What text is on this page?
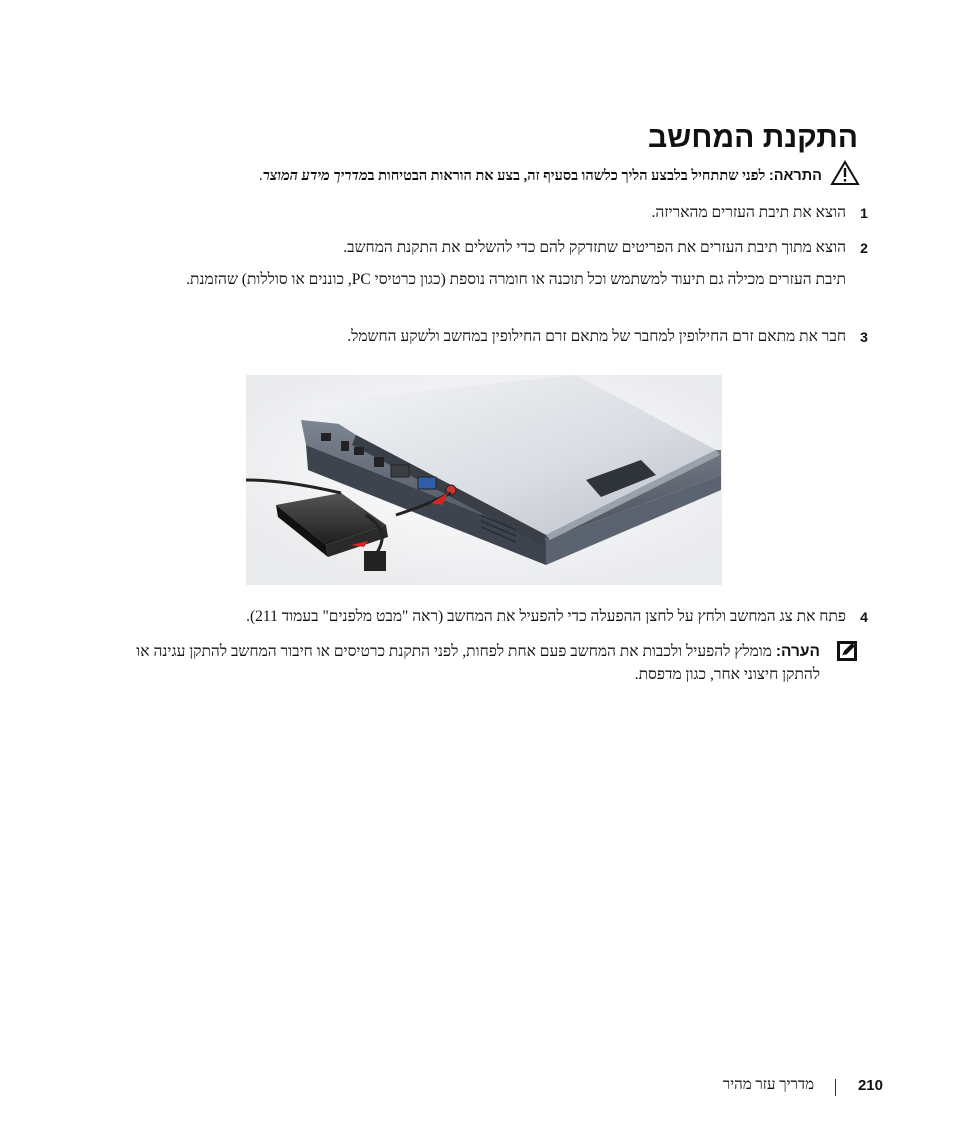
התקנת המחשב
התראה: לפני שתתחיל בלבצע הליך כלשהו בסעיף זה, בצע את הוראות הבטיחות במדריך מידע המוצר.
1
הוצא את תיבת העזרים מהאריזה.
2
הוצא מתוך תיבת העזרים את הפריטים שתזדקק להם כדי להשלים את התקנת המחשב.
תיבת העזרים מכילה גם תיעוד למשתמש וכל תוכנה או חומרה נוספת (כגון כרטיסי PC, כוננים או סוללות) שהזמנת.
3
חבר את מתאם זרם החילופין למחבר של מתאם זרם החילופין במחשב ולשקע החשמל.
4
פתח את צג המחשב ולחץ על לחצן ההפעלה כדי להפעיל את המחשב (ראה "מבט מלפנים" בעמוד 211).
הערה: מומלץ להפעיל ולכבות את המחשב פעם אחת לפחות, לפני התקנת כרטיסים או חיבור המחשב להתקן עגינה או להתקן חיצוני אחר, כגון מדפסת.
210
מדריך עזר מהיר
